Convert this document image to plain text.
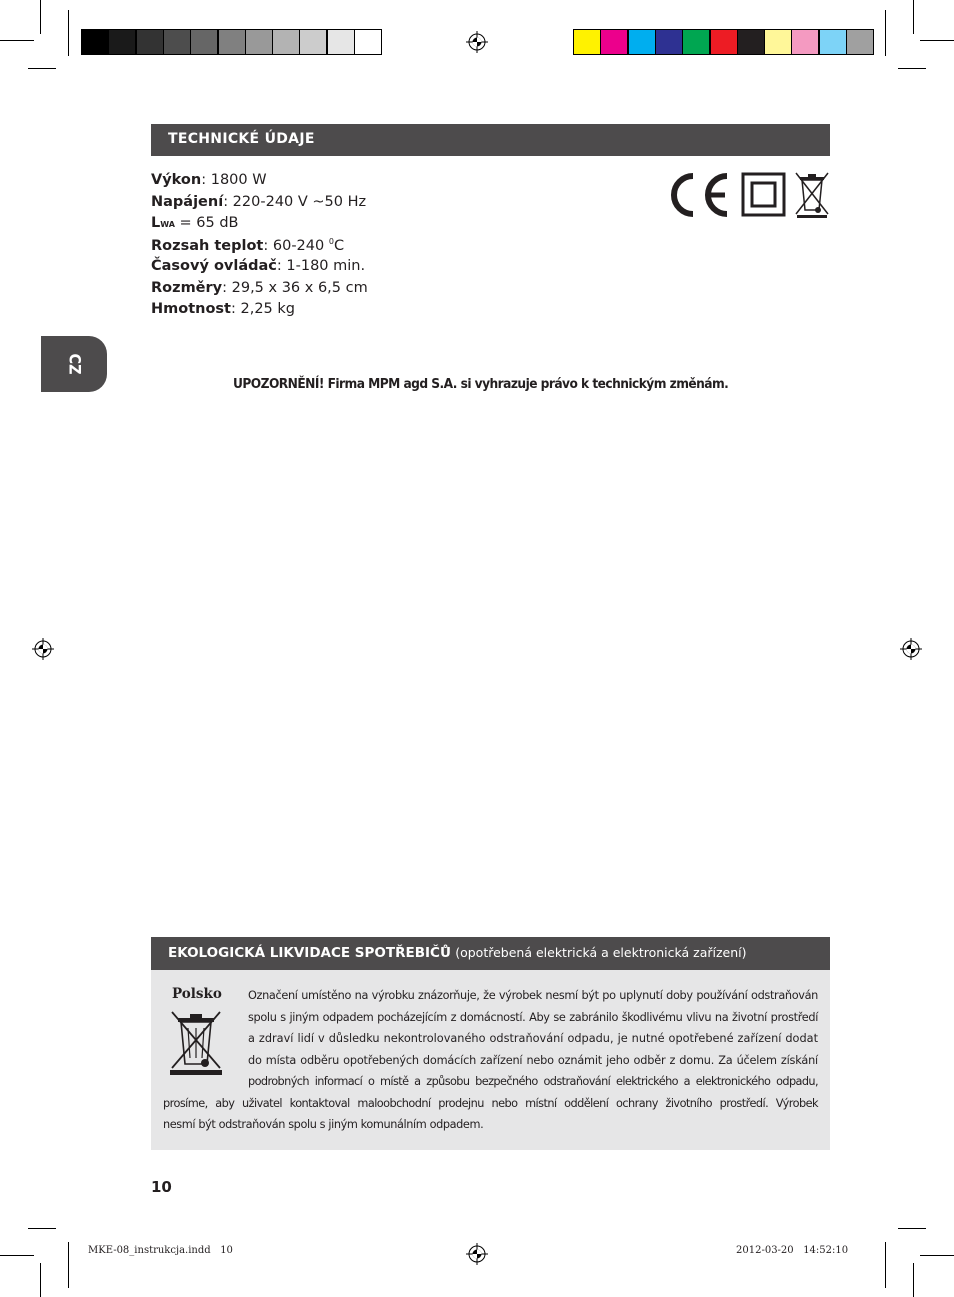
TECHNICKÉ ÚDAJE
Výkon: 1800 W
Napájení: 220-240 V ~50 Hz
LWA = 65 dB
Rozsah teplot: 60-240 $^0$C
Časový ovládač: 1-180 min.
Rozměry: 29,5 x 36 x 6,5 cm
Hmotnost: 2,25 kg
CZ
UPOZORNĚNÍ! Firma MPM agd S.A. si vyhrazuje právo k technickým změnám.
EKOLOGICKÁ LIKVIDACE SPOTŘEBIČŮ (opotřebená elektrická a elektronická zařízení)
Polsko Označení umístěno na výrobku znázorňuje, že výrobek nesmí být po uplynutí doby používání odstraňován
spolu s jiným odpadem pocházejícím z domácností. Aby se zabránilo škodlivému vlivu na životní prostředí
a zdraví lidí v důsledku nekontrolovaného odstraňování odpadu, je nutné opotřebené zařízení dodat
do místa odběru opotřebených domácích zařízení nebo oznámit jeho odběr z domu. Za účelem získání
podrobných informací o místě a způsobu bezpečného odstraňování elektrického a elektronického odpadu,
prosíme, aby uživatel kontaktoval maloobchodní prodejnu nebo místní oddělení ochrany životního prostředí. Výrobek
nesmí být odstraňován spolu s jiným komunálním odpadem.
10
MKE-08_instrukcja.indd   10	2012-03-20   14:52:10
